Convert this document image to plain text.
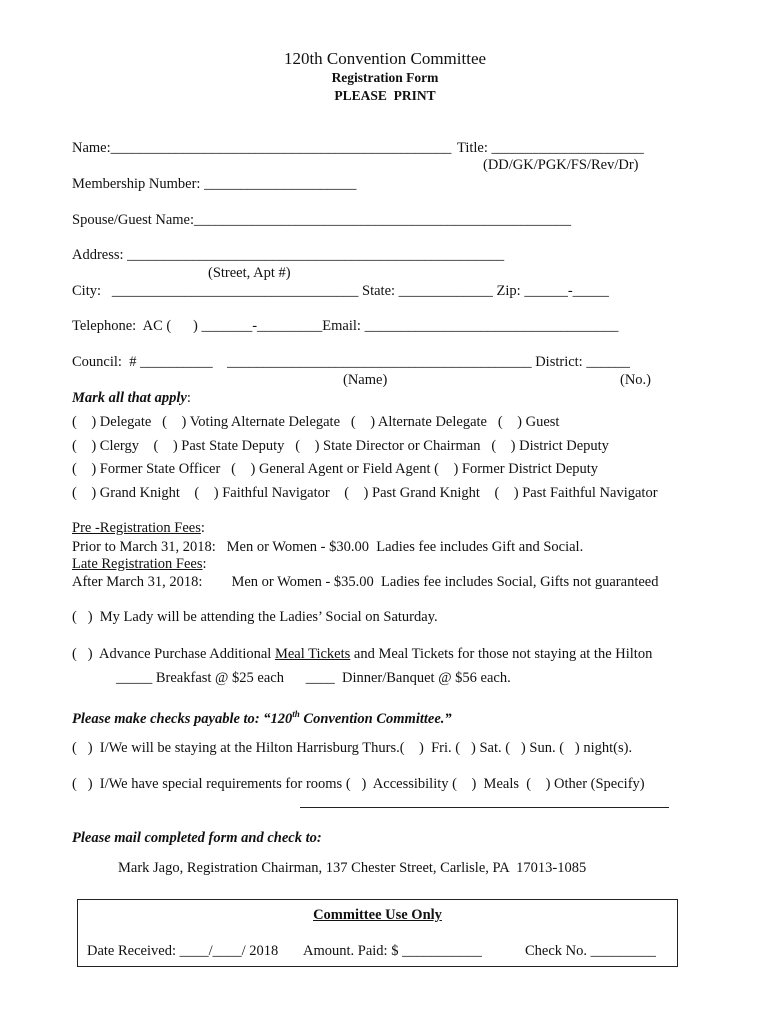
120th Convention Committee
Registration Form
PLEASE  PRINT
Name:_______________________________________________ Title: _____________________
(DD/GK/PGK/FS/Rev/Dr)
Membership Number: _____________________
Spouse/Guest Name:____________________________________________________
Address: ____________________________________________________
(Street, Apt #)
City:   __________________________________ State: _____________ Zip: ______-_____
Telephone:  AC (      ) _______-_________Email: ___________________________________
Council:  # __________    __________________________________________ District: ______
(Name)	(No.)
Mark all that apply:
(    ) Delegate   (    ) Voting Alternate Delegate   (    ) Alternate Delegate   (    ) Guest
(    ) Clergy    (    ) Past State Deputy   (    ) State Director or Chairman   (    ) District Deputy
(    ) Former State Officer   (    ) General Agent or Field Agent (    ) Former District Deputy
(    ) Grand Knight    (    ) Faithful Navigator    (    ) Past Grand Knight    (    ) Past Faithful Navigator
Pre -Registration Fees:
Prior to March 31, 2018:   Men or Women - $30.00  Ladies fee includes Gift and Social.
Late Registration Fees:
After March 31, 2018:        Men or Women - $35.00  Ladies fee includes Social, Gifts not guaranteed
(   )  My Lady will be attending the Ladies’ Social on Saturday.
(   )  Advance Purchase Additional Meal Tickets and Meal Tickets for those not staying at the Hilton
_____ Breakfast @ $25 each      ____  Dinner/Banquet @ $56 each.
Please make checks payable to: “120th Convention Committee.”
(   )  I/We will be staying at the Hilton Harrisburg Thurs.(    )  Fri. (   ) Sat. (   ) Sun. (   ) night(s).
(   )  I/We have special requirements for rooms (   )  Accessibility (    )  Meals  (    ) Other (Specify)
Please mail completed form and check to:
Mark Jago, Registration Chairman, 137 Chester Street, Carlisle, PA  17013-1085
Committee Use Only
Date Received: ____/____/ 2018 Amount. Paid: $ ___________	Check No. _________
